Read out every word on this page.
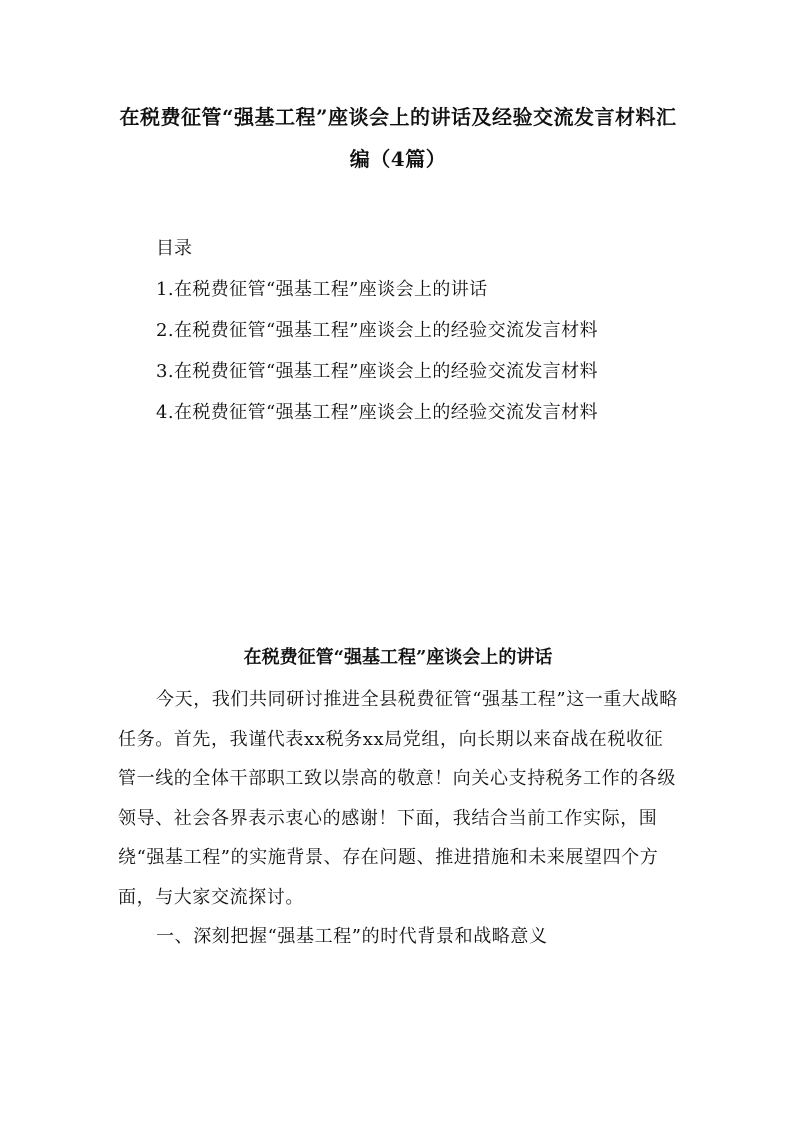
在税费征管“强基工程”座谈会上的讲话及经验交流发言材料汇编（4篇）
目录
1.在税费征管“强基工程”座谈会上的讲话
2.在税费征管“强基工程”座谈会上的经验交流发言材料
3.在税费征管“强基工程”座谈会上的经验交流发言材料
4.在税费征管“强基工程”座谈会上的经验交流发言材料
在税费征管“强基工程”座谈会上的讲话

今天，我们共同研讨推进全县税费征管“强基工程”这一重大战略任务。首先，我谨代表xx税务xx局党组，向长期以来奋战在税收征管一线的全体干部职工致以崇高的敬意！向关心支持税务工作的各级领导、社会各界表示衷心的感谢！下面，我结合当前工作实际，围绕“强基工程”的实施背景、存在问题、推进措施和未来展望四个方面，与大家交流探讨。

一、深刻把握“强基工程”的时代背景和战略意义
